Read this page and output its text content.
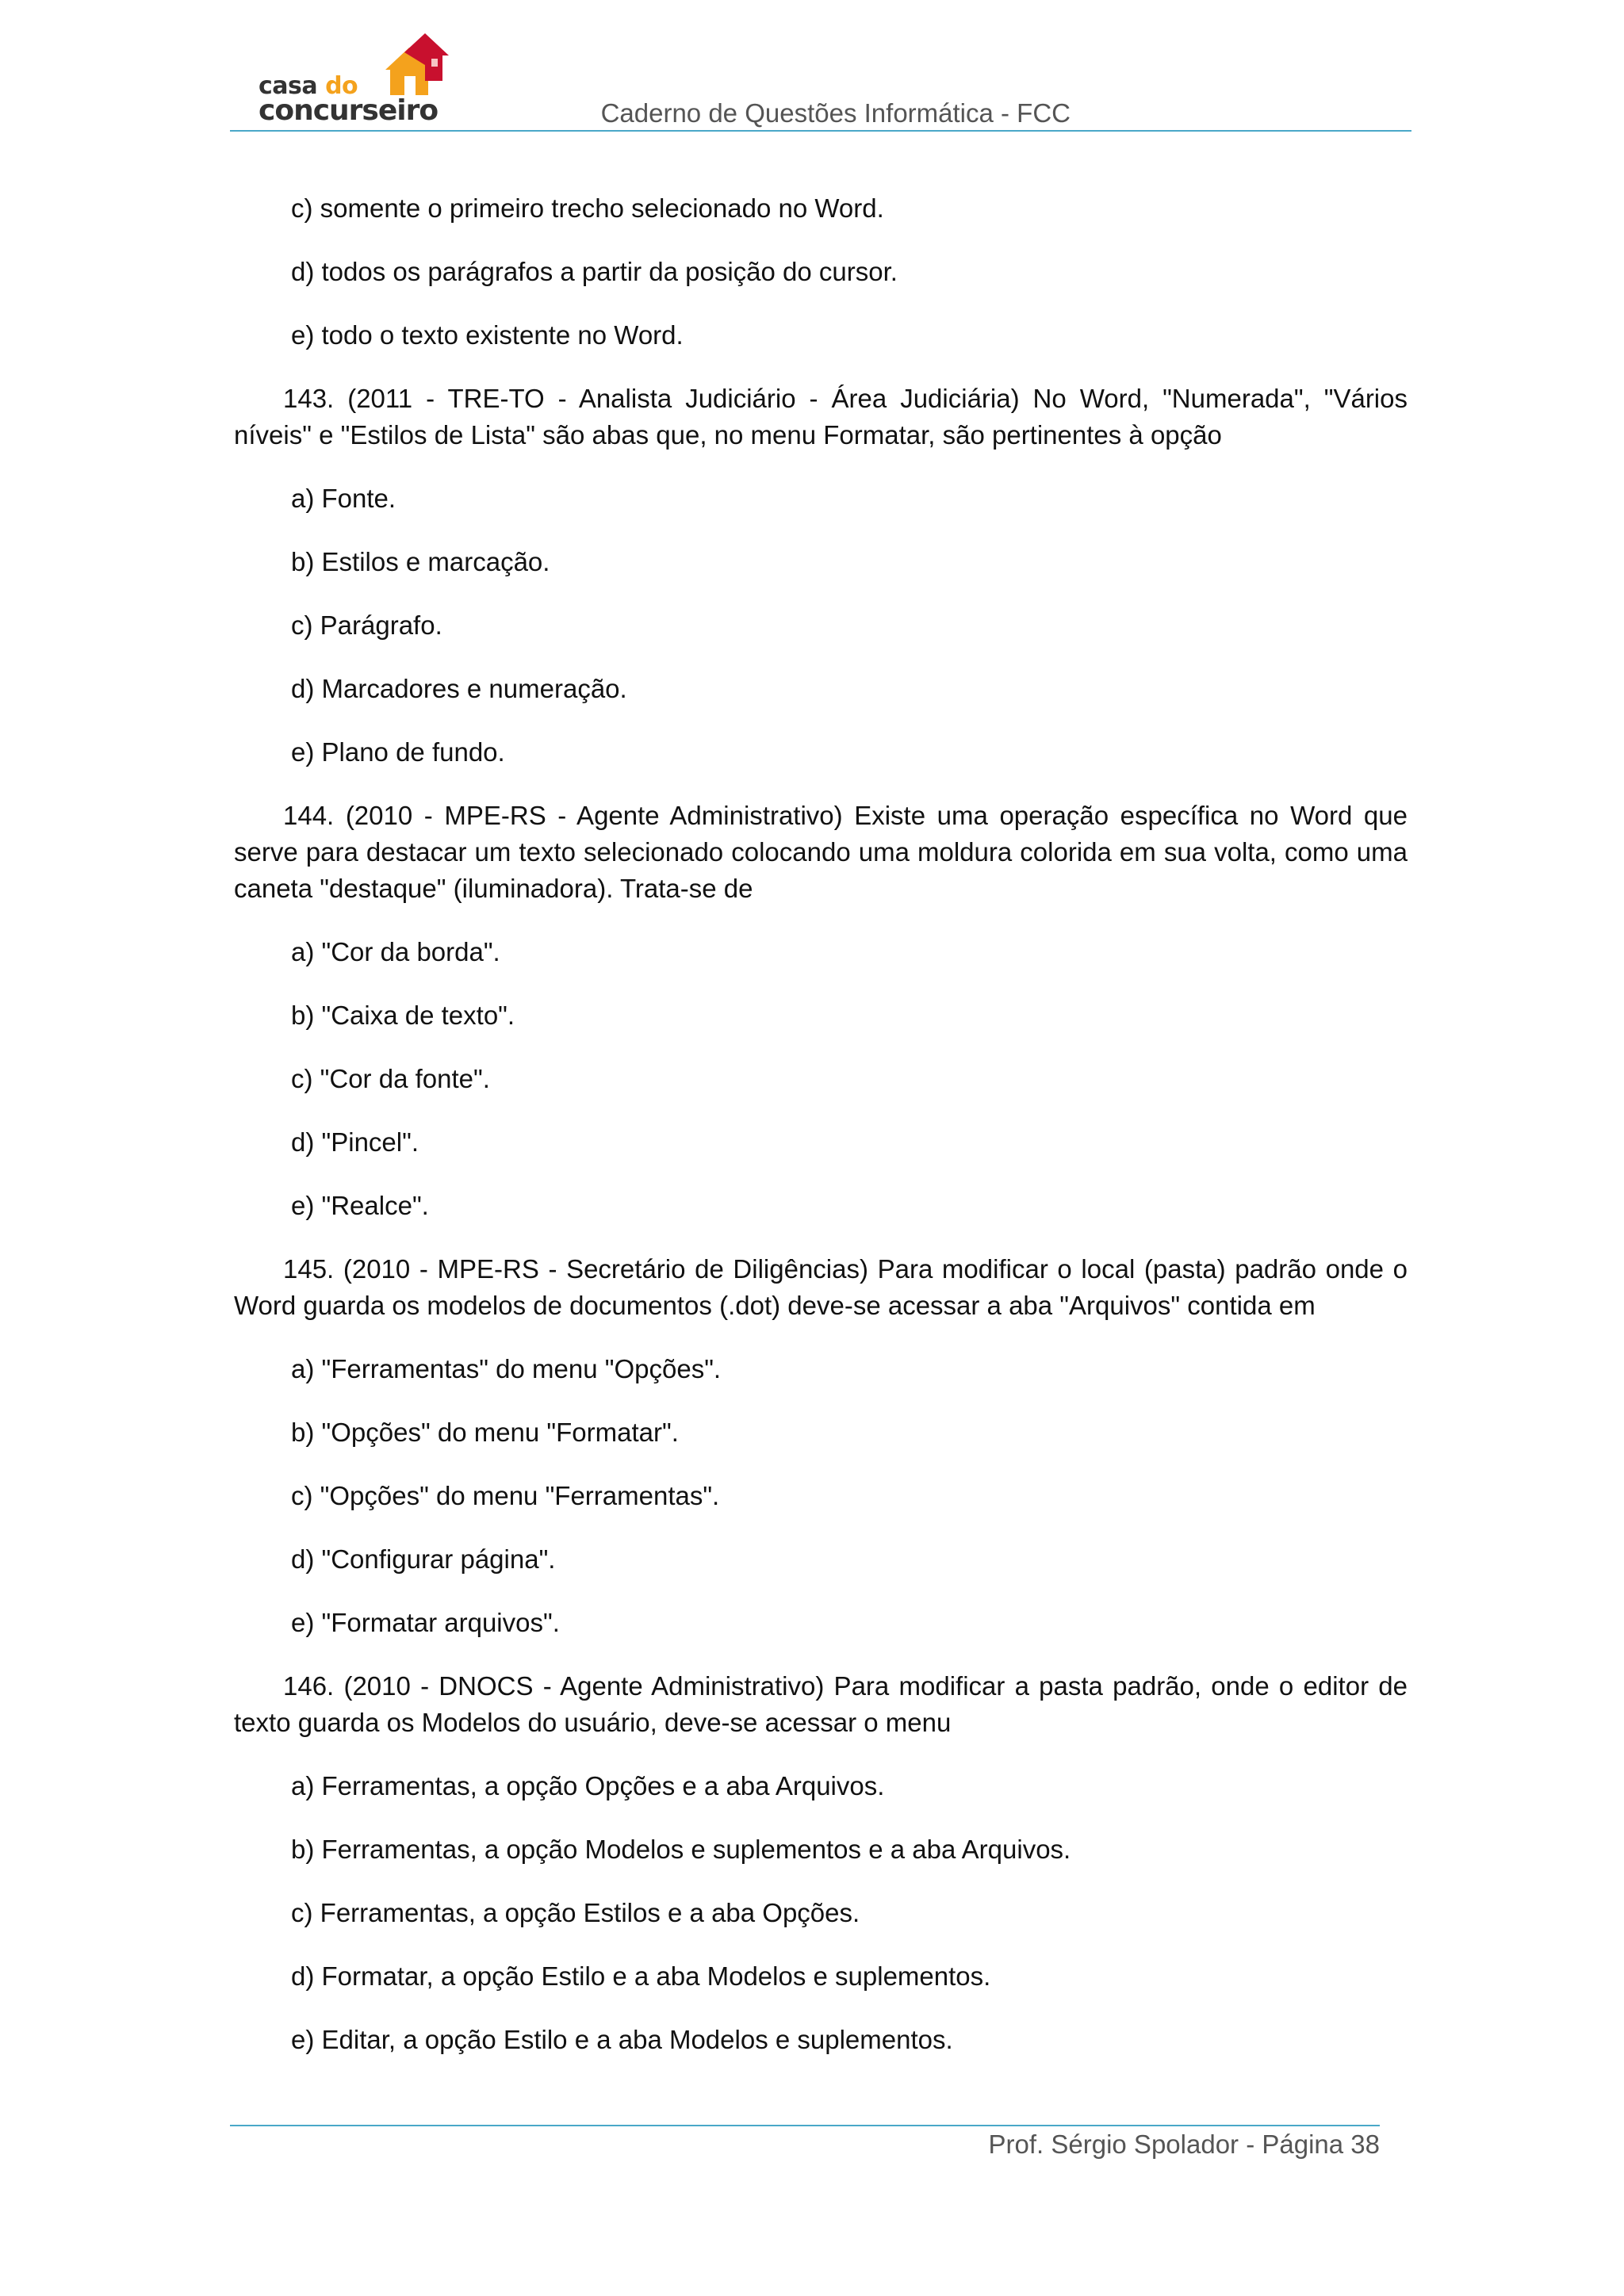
casa do
concurseiro	Caderno de Questões Informática - FCC

c) somente o primeiro trecho selecionado no Word.

d) todos os parágrafos a partir da posição do cursor.

e) todo o texto existente no Word.

143. (2011 - TRE-TO - Analista Judiciário - Área Judiciária) No Word, "Numerada", "Vários níveis" e "Estilos de Lista" são abas que, no menu Formatar, são pertinentes à opção

a) Fonte.

b) Estilos e marcação.

c) Parágrafo.

d) Marcadores e numeração.

e) Plano de fundo.

144. (2010 - MPE-RS - Agente Administrativo) Existe uma operação específica no Word que serve para destacar um texto selecionado colocando uma moldura colorida em sua volta, como uma caneta "destaque" (iluminadora). Trata-se de

a) "Cor da borda".

b) "Caixa de texto".

c) "Cor da fonte".

d) "Pincel".

e) "Realce".

145. (2010 - MPE-RS - Secretário de Diligências) Para modificar o local (pasta) padrão onde o Word guarda os modelos de documentos (.dot) deve-se acessar a aba "Arquivos" contida em

a) "Ferramentas" do menu "Opções".

b) "Opções" do menu "Formatar".

c) "Opções" do menu "Ferramentas".

d) "Configurar página".

e) "Formatar arquivos".

146. (2010 - DNOCS - Agente Administrativo) Para modificar a pasta padrão, onde o editor de texto guarda os Modelos do usuário, deve-se acessar o menu

a) Ferramentas, a opção Opções e a aba Arquivos.

b) Ferramentas, a opção Modelos e suplementos e a aba Arquivos.

c) Ferramentas, a opção Estilos e a aba Opções.

d) Formatar, a opção Estilo e a aba Modelos e suplementos.

e) Editar, a opção Estilo e a aba Modelos e suplementos.

Prof. Sérgio Spolador - Página 38
